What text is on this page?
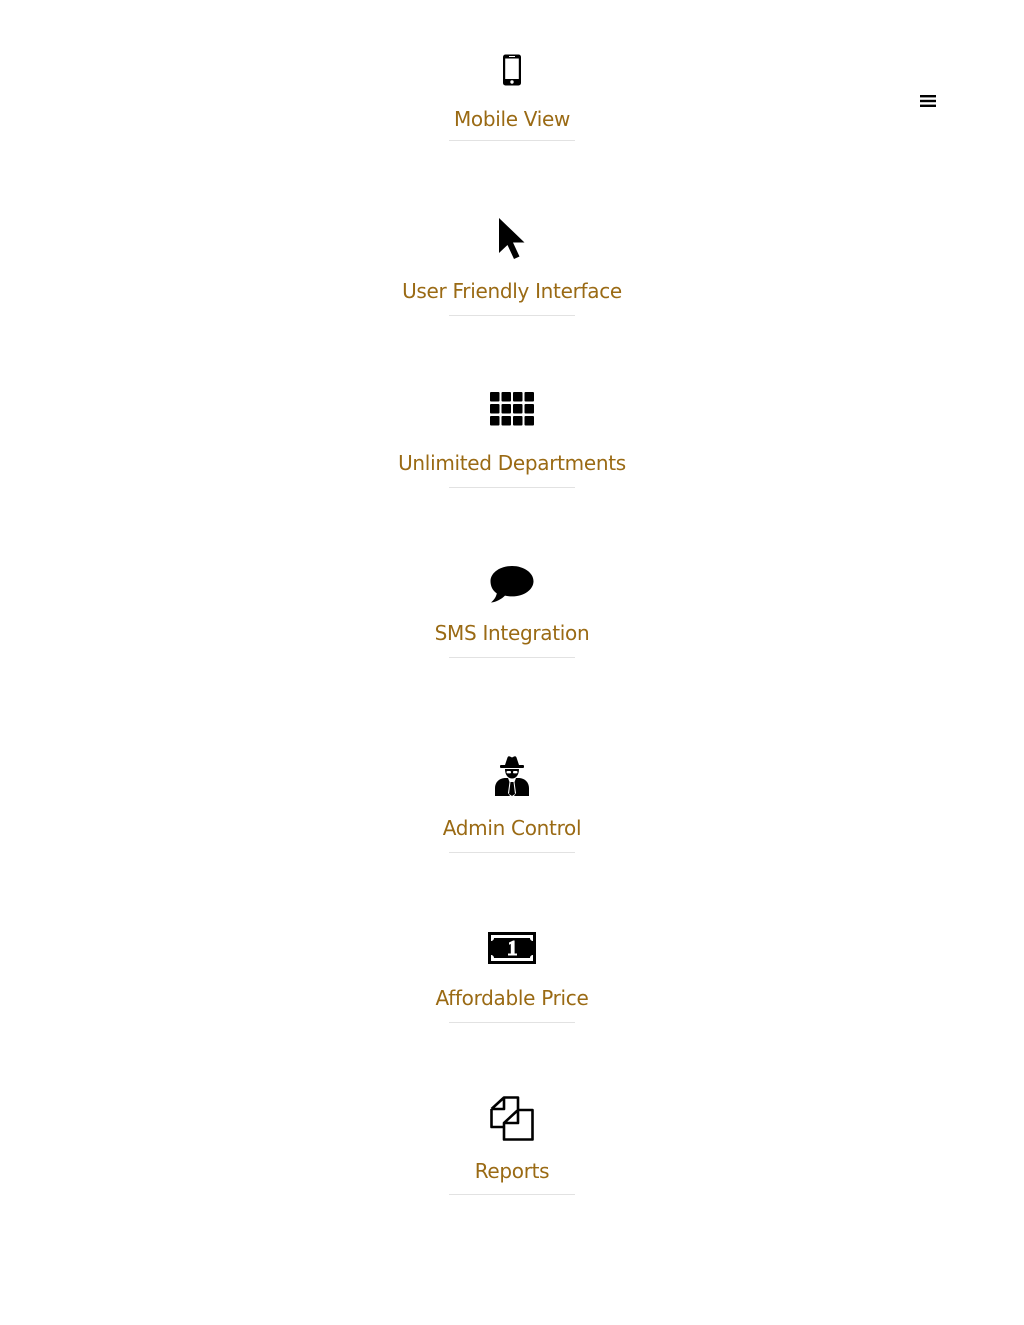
Mobile View
User Friendly Interface
Unlimited Departments
SMS Integration
Admin Control
Affordable Price
Reports
